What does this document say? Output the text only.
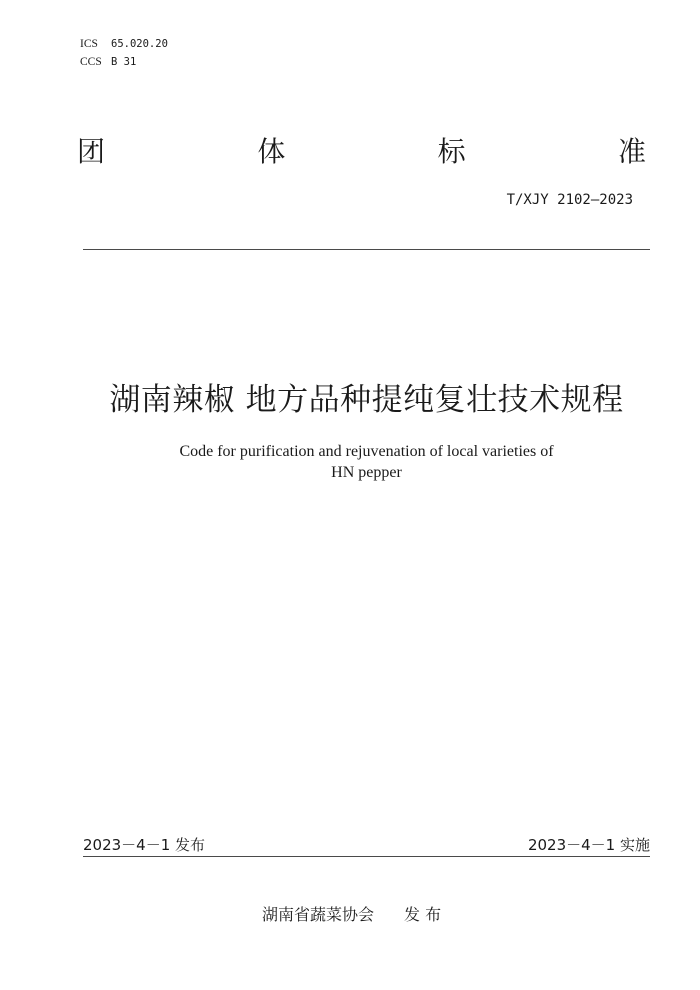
ICS 65.020.20
CCS B 31
团	体	标	准
T/XJY 2102—2023
湖南辣椒 地方品种提纯复壮技术规程
Code for purification and rejuvenation of local varieties of
HN pepper
2023－4－1 发布	2023－4－1 实施
湖南省蔬菜协会 发 布
